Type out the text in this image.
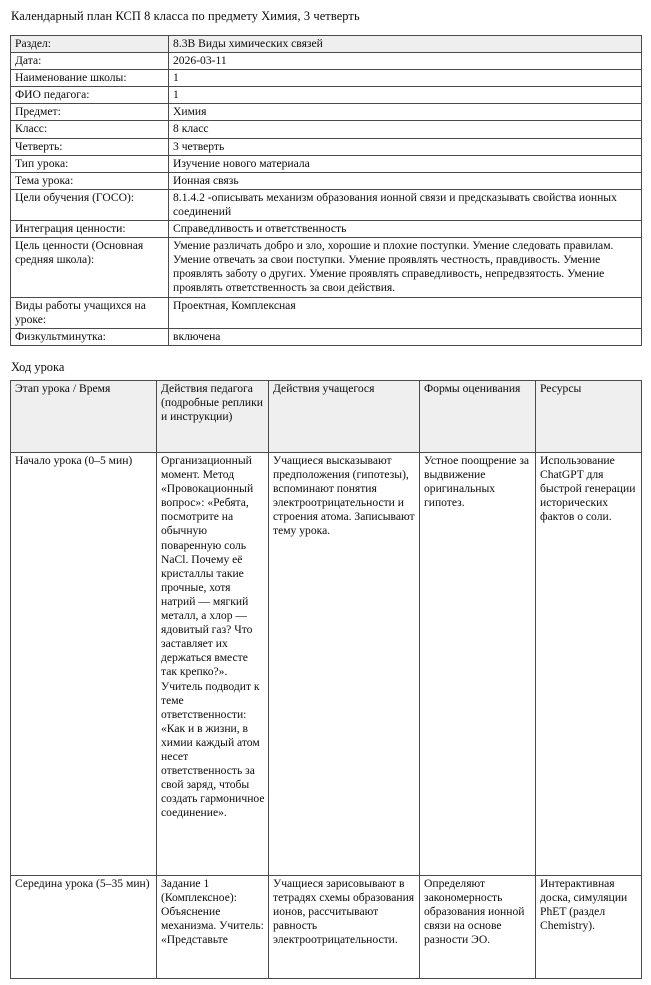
Календарный план КСП 8 класса по предмету Химия, 3 четверть
Раздел:	8.3В Виды химических связей
Дата:	2026-03-11
Наименование школы:	1
ФИО педагога:	1
Предмет:	Химия
Класс:	8 класс
Четверть:	3 четверть
Тип урока:	Изучение нового материала
Тема урока:	Ионная связь
Цели обучения (ГОСО):	8.1.4.2 -описывать механизм образования ионной связи и предсказывать свойства ионных соединений
Интеграция ценности:	Справедливость и ответственность
Цель ценности (Основная средняя школа):	Умение различать добро и зло, хорошие и плохие поступки. Умение следовать правилам. Умение отвечать за свои поступки. Умение проявлять честность, правдивость. Умение проявлять заботу о других. Умение проявлять справедливость, непредвзятость. Умение проявлять ответственность за свои действия.
Виды работы учащихся на уроке:	Проектная, Комплексная
Физкультминутка:	включена
Ход урока
Этап урока / Время	Действия педагога (подробные реплики и инструкции)	Действия учащегося	Формы оценивания	Ресурсы
Начало урока (0–5 мин)	Организационный момент. Метод «Провокационный вопрос»: «Ребята, посмотрите на обычную поваренную соль NaCl. Почему её кристаллы такие прочные, хотя натрий — мягкий металл, а хлор — ядовитый газ? Что заставляет их держаться вместе так крепко?». Учитель подводит к теме ответственности: «Как и в жизни, в химии каждый атом несет ответственность за свой заряд, чтобы создать гармоничное соединение».	Учащиеся высказывают предположения (гипотезы), вспоминают понятия электроотрицательности и строения атома. Записывают тему урока.	Устное поощрение за выдвижение оригинальных гипотез.	Использование ChatGPT для быстрой генерации исторических фактов о соли.
Середина урока (5–35 мин)	Задание 1 (Комплексное): Объяснение механизма. Учитель: «Представьте	Учащиеся зарисовывают в тетрадях схемы образования ионов, рассчитывают равность электроотрицательности.	Определяют закономерность образования ионной связи на основе разности ЭО.	Интерактивная доска, симуляции PhET (раздел Chemistry).
